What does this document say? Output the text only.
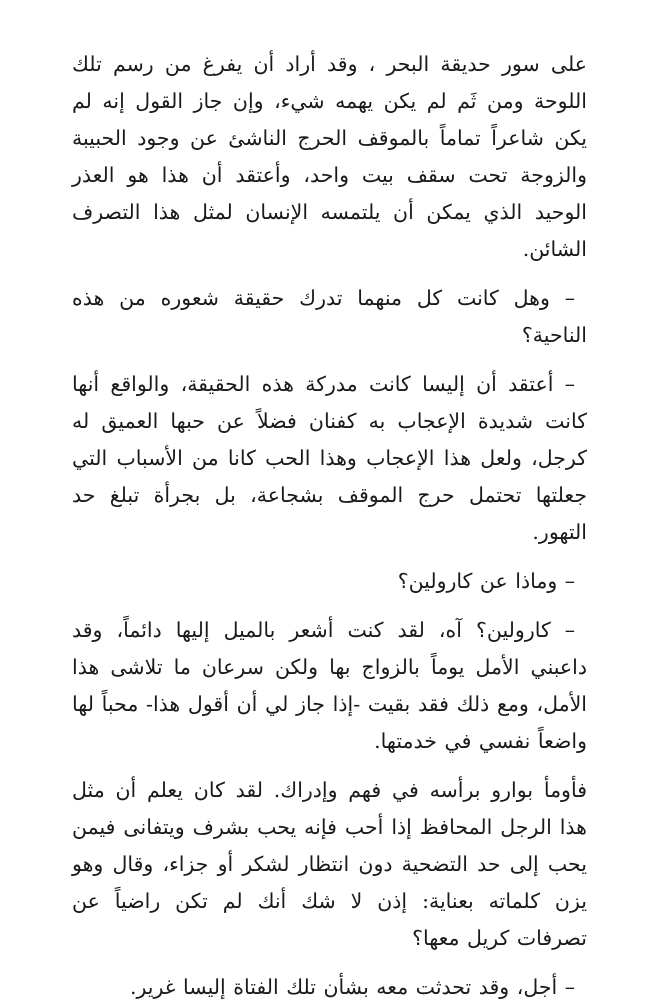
على سور حديقة البحر ، وقد أراد أن يفرغ من رسم تلك اللوحة ومن ثَم لم يكن يهمه شيء، وإن جاز القول إنه لم يكن شاعراً تماماً بالموقف الحرج الناشئ عن وجود الحبيبة والزوجة تحت سقف بيت واحد، وأعتقد أن هذا هو العذر الوحيد الذي يمكن أن يلتمسه الإنسان لمثل هذا التصرف الشائن.

– وهل كانت كل منهما تدرك حقيقة شعوره من هذه الناحية؟

– أعتقد أن إليسا كانت مدركة هذه الحقيقة، والواقع أنها كانت شديدة الإعجاب به كفنان فضلاً عن حبها العميق له كرجل، ولعل هذا الإعجاب وهذا الحب كانا من الأسباب التي جعلتها تحتمل حرج الموقف بشجاعة، بل بجرأة تبلغ حد التهور.

– وماذا عن كارولين؟

– كارولين؟ آه، لقد كنت أشعر بالميل إليها دائماً، وقد داعبني الأمل يوماً بالزواج بها ولكن سرعان ما تلاشى هذا الأمل، ومع ذلك فقد بقيت -إذا جاز لي أن أقول هذا- محباً لها واضعاً نفسي في خدمتها.

فأومأ بوارو برأسه في فهم وإدراك. لقد كان يعلم أن مثل هذا الرجل المحافظ إذا أحب فإنه يحب بشرف ويتفانى فيمن يحب إلى حد التضحية دون انتظار لشكر أو جزاء، وقال وهو يزن كلماته بعناية: إذن لا شك أنك لم تكن راضياً عن تصرفات كريل معها؟

– أجل، وقد تحدثت معه بشأن تلك الفتاة إليسا غرير.
